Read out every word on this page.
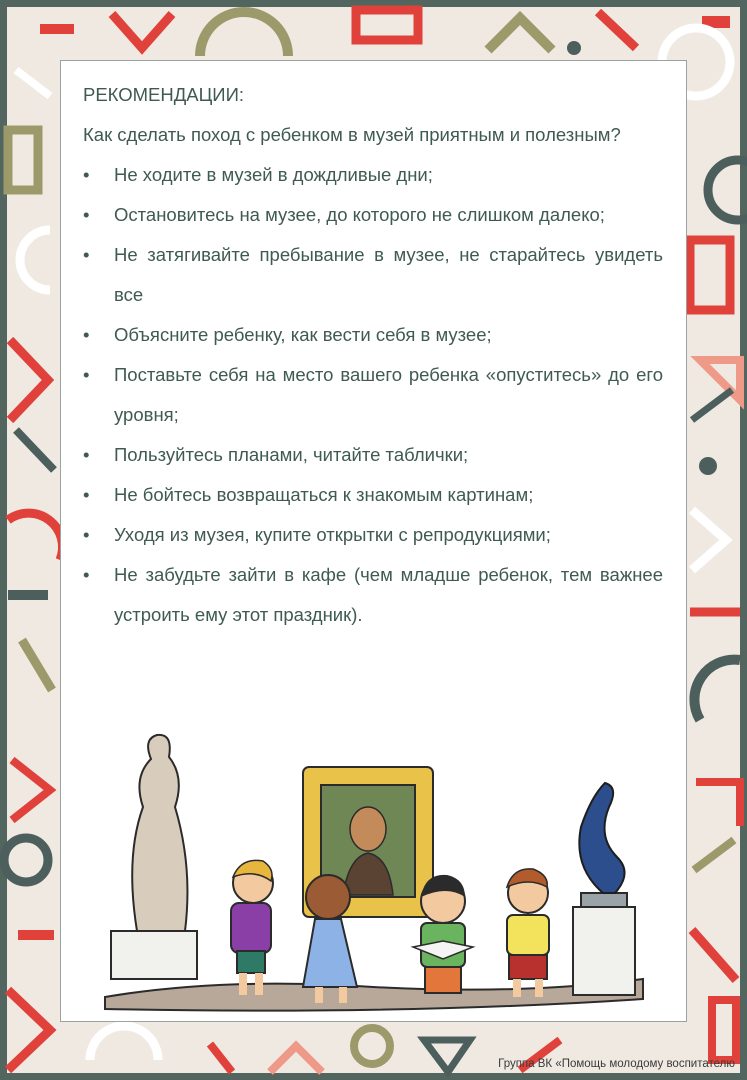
РЕКОМЕНДАЦИИ:

Как сделать поход с ребенком в музей приятным и полезным?

• Не ходите в музей в дождливые дни;
• Остановитесь на музее, до которого не слишком далеко;
• Не затягивайте пребывание в музее, не старайтесь увидеть все
• Объясните ребенку, как вести себя в музее;
• Поставьте себя на место вашего ребенка «опуститесь» до его уровня;
• Пользуйтесь планами, читайте таблички;
• Не бойтесь возвращаться к знакомым картинам;
• Уходя из музея, купите открытки с репродукциями;
• Не забудьте зайти в кафе (чем младше ребенок, тем важнее устроить ему этот праздник).
Группа ВК «Помощь молодому воспитателю
